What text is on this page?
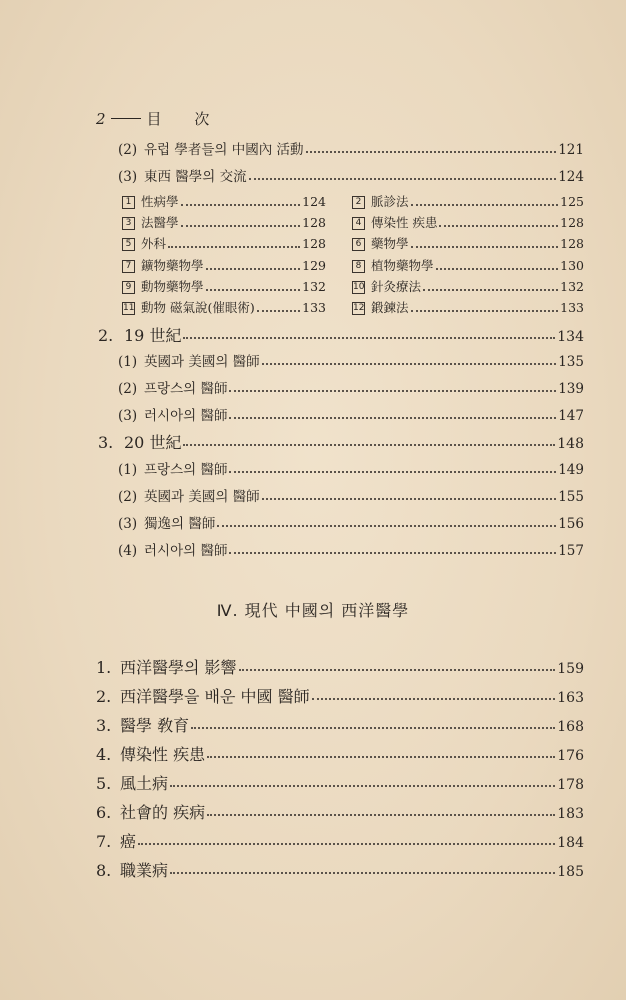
2	目 次
(2) 유럽 學者들의 中國內 活動	121
(3) 東西 醫學의 交流	124
1 性病學	124	2 脈診法	125
3 法醫學	128	4 傳染性 疾患	128
5 外科	128	6 藥物學	128
7 鑛物藥物學	129	8 植物藥物學	130
9 動物藥物學	132	10 針灸療法	132
11 動物 磁氣說(催眼術)	133	12 鍛鍊法	133
2. 19 世紀	134
(1) 英國과 美國의 醫師	135
(2) 프랑스의 醫師	139
(3) 러시아의 醫師	147
3. 20 世紀	148
(1) 프랑스의 醫師	149
(2) 英國과 美國의 醫師	155
(3) 獨逸의 醫師	156
(4) 러시아의 醫師	157
Ⅳ. 現代 中國의 西洋醫學
1. 西洋醫學의 影響	159
2. 西洋醫學을 배운 中國 醫師	163
3. 醫學 敎育	168
4. 傳染性 疾患	176
5. 風土病	178
6. 社會的 疾病	183
7. 癌	184
8. 職業病	185
